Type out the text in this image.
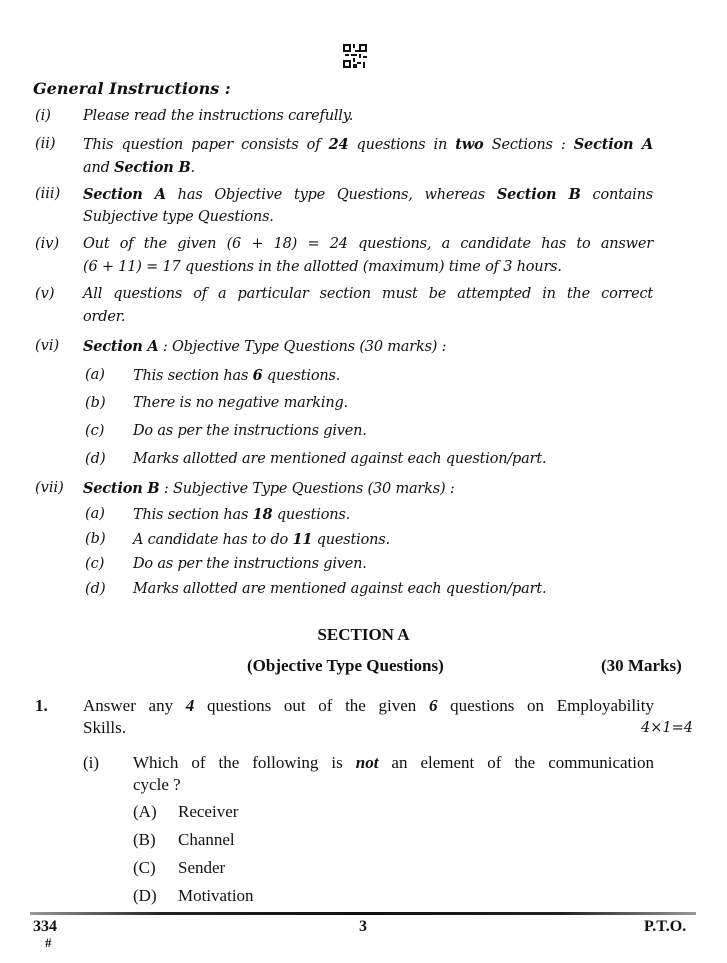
General Instructions :
(i) Please read the instructions carefully.
(ii) This question paper consists of 24 questions in two Sections : Section A
and Section B.
(iii) Section A has Objective type Questions, whereas Section B contains
Subjective type Questions.
(iv) Out of the given (6 + 18) = 24 questions, a candidate has to answer
(6 + 11) = 17 questions in the allotted (maximum) time of 3 hours.
(v) All questions of a particular section must be attempted in the correct
order.
(vi) Section A : Objective Type Questions (30 marks) :
(a) This section has 6 questions.
(b) There is no negative marking.
(c) Do as per the instructions given.
(d) Marks allotted are mentioned against each question/part.
(vii) Section B : Subjective Type Questions (30 marks) :
(a) This section has 18 questions.
(b) A candidate has to do 11 questions.
(c) Do as per the instructions given.
(d) Marks allotted are mentioned against each question/part.
SECTION A
(Objective Type Questions)	(30 Marks)
1. Answer any 4 questions out of the given 6 questions on Employability
Skills.	4×1=4
(i) Which of the following is not an element of the communication
cycle ?
(A) Receiver
(B) Channel
(C) Sender
(D) Motivation
334
#
3	P.T.O.
